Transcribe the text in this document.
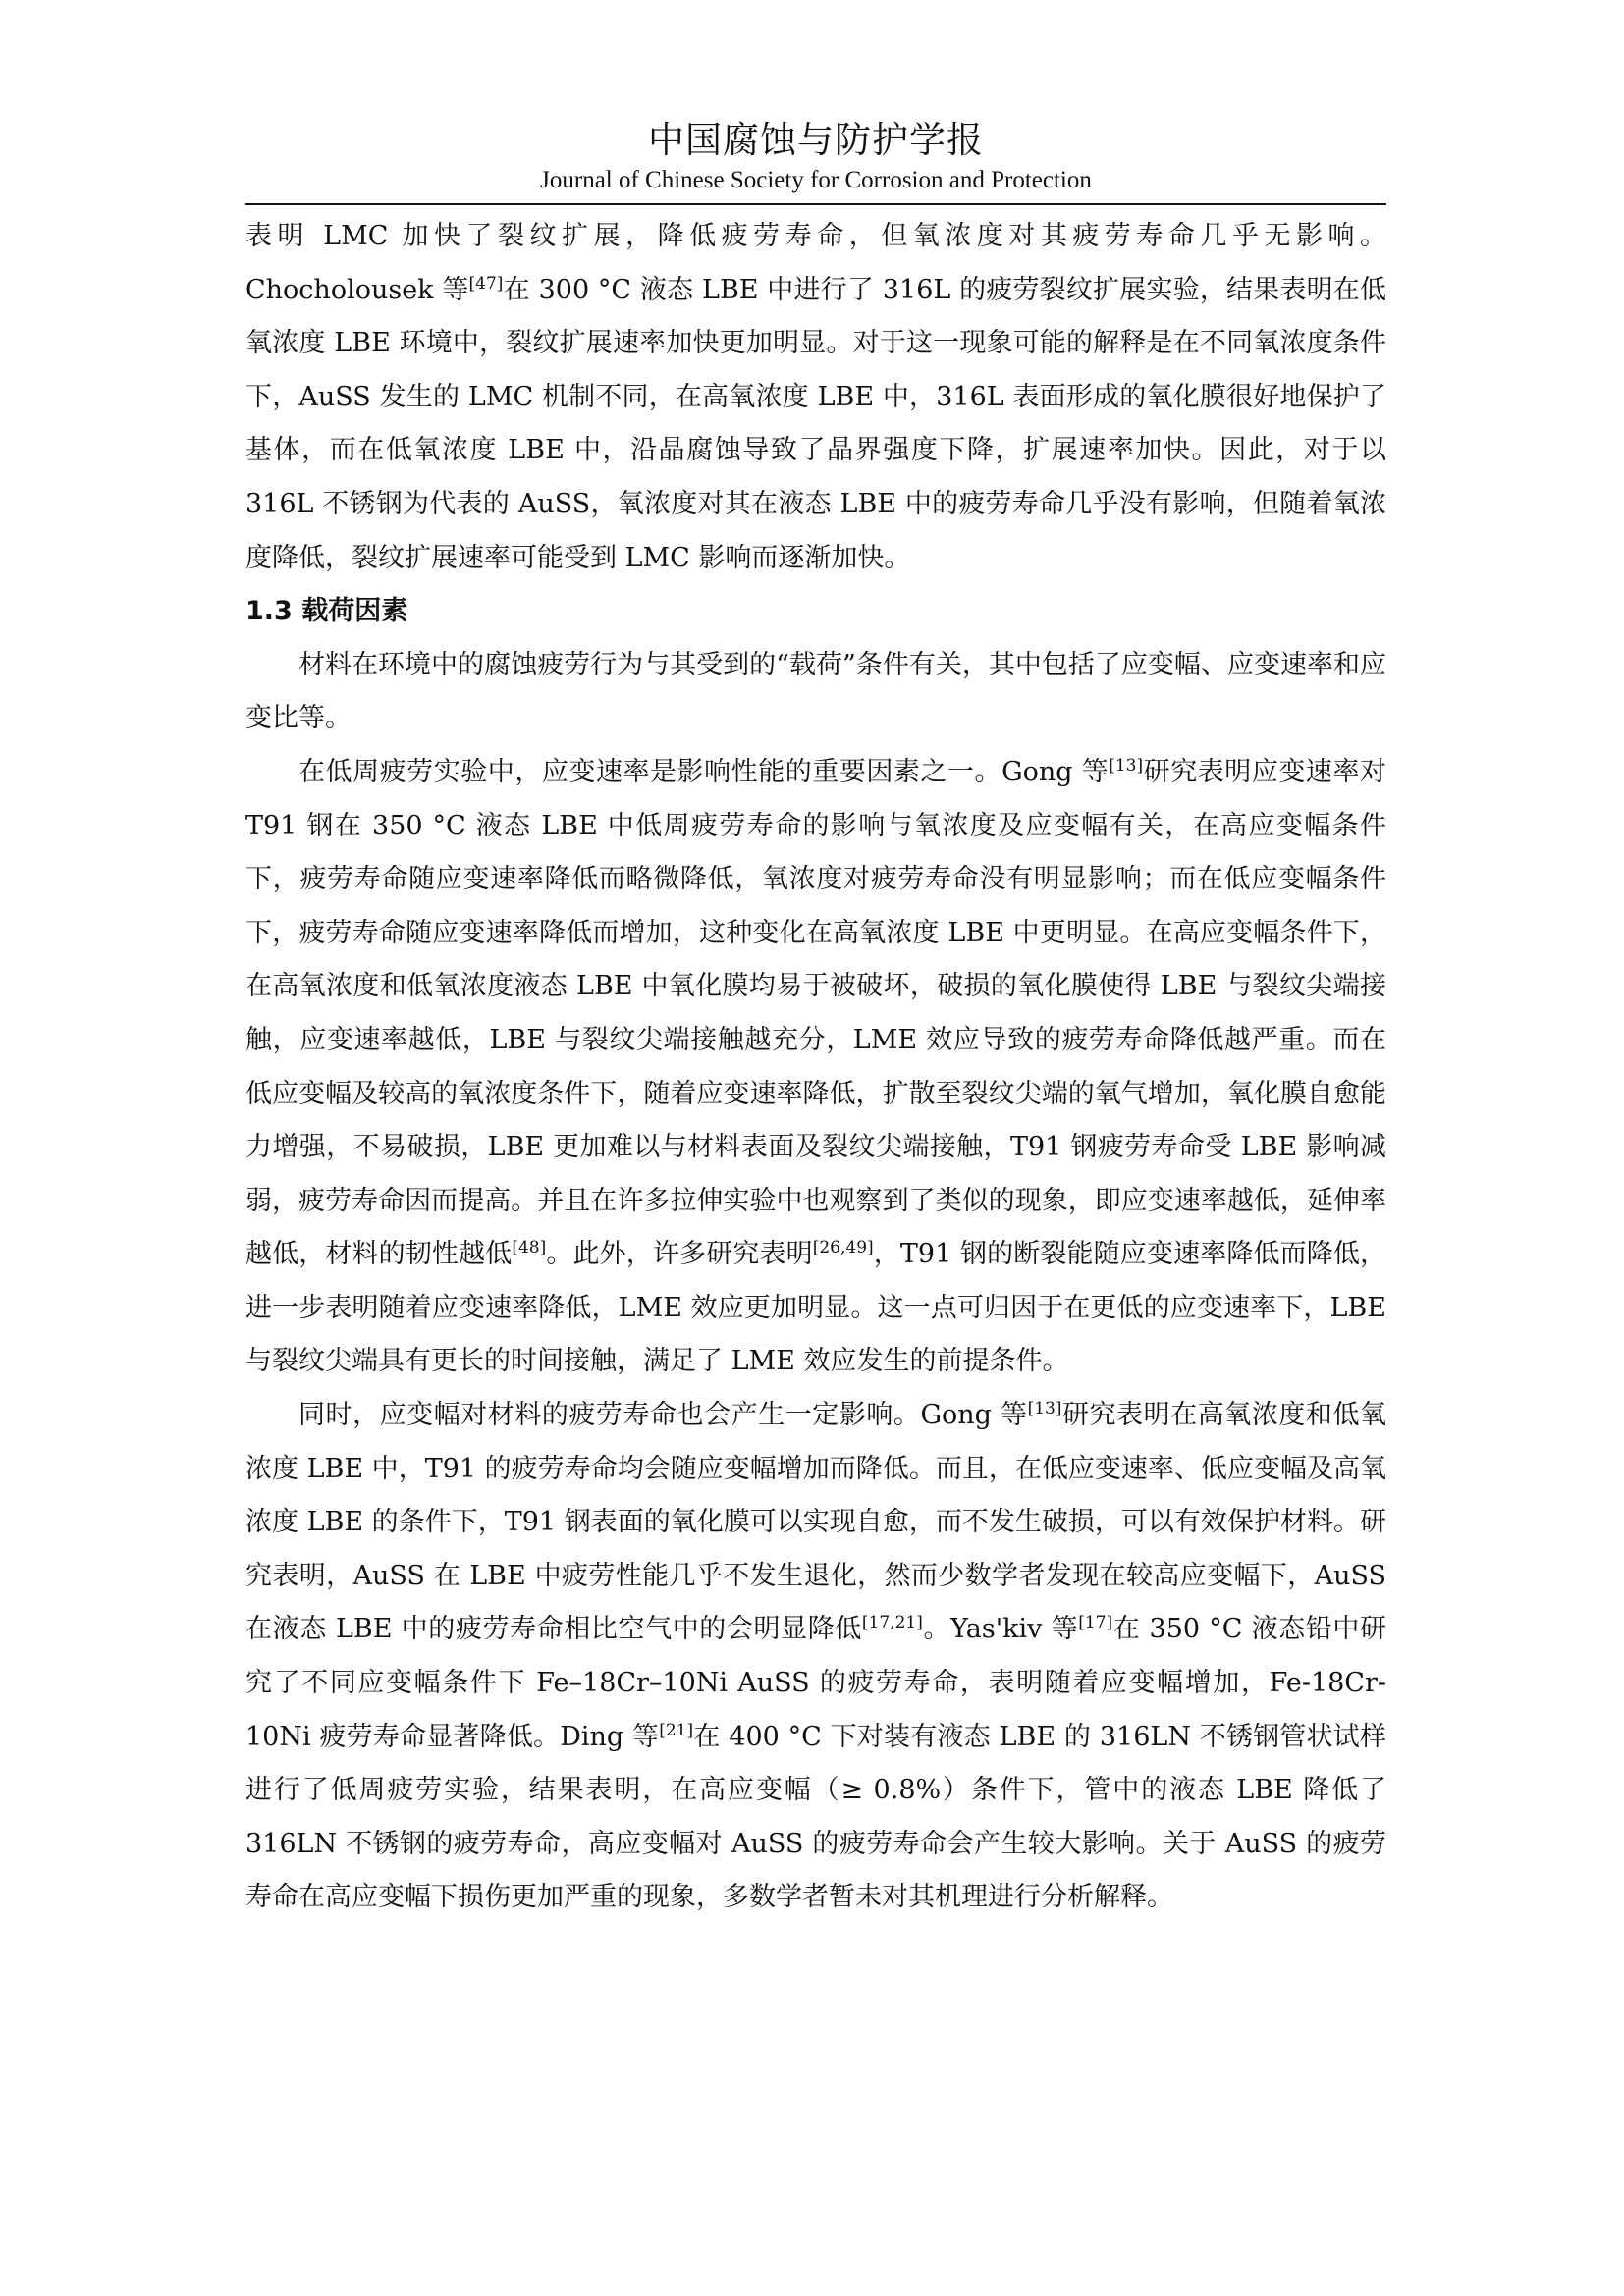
中国腐蚀与防护学报

Journal of Chinese Society for Corrosion and Protection

表明 LMC 加快了裂纹扩展，降低疲劳寿命，但氧浓度对其疲劳寿命几乎无影响。Chocholousek 等[47]在 300 °C 液态 LBE 中进行了 316L 的疲劳裂纹扩展实验，结果表明在低氧浓度 LBE 环境中，裂纹扩展速率加快更加明显。对于这一现象可能的解释是在不同氧浓度条件下，AuSS 发生的 LMC 机制不同，在高氧浓度 LBE 中，316L 表面形成的氧化膜很好地保护了基体，而在低氧浓度 LBE 中，沿晶腐蚀导致了晶界强度下降，扩展速率加快。因此，对于以 316L 不锈钢为代表的 AuSS，氧浓度对其在液态 LBE 中的疲劳寿命几乎没有影响，但随着氧浓度降低，裂纹扩展速率可能受到 LMC 影响而逐渐加快。

1.3 载荷因素

材料在环境中的腐蚀疲劳行为与其受到的“载荷”条件有关，其中包括了应变幅、应变速率和应变比等。

在低周疲劳实验中，应变速率是影响性能的重要因素之一。Gong 等[13]研究表明应变速率对 T91 钢在 350 °C 液态 LBE 中低周疲劳寿命的影响与氧浓度及应变幅有关，在高应变幅条件下，疲劳寿命随应变速率降低而略微降低，氧浓度对疲劳寿命没有明显影响；而在低应变幅条件下，疲劳寿命随应变速率降低而增加，这种变化在高氧浓度 LBE 中更明显。在高应变幅条件下，在高氧浓度和低氧浓度液态 LBE 中氧化膜均易于被破坏，破损的氧化膜使得 LBE 与裂纹尖端接触，应变速率越低，LBE 与裂纹尖端接触越充分，LME 效应导致的疲劳寿命降低越严重。而在低应变幅及较高的氧浓度条件下，随着应变速率降低，扩散至裂纹尖端的氧气增加，氧化膜自愈能力增强，不易破损，LBE 更加难以与材料表面及裂纹尖端接触，T91 钢疲劳寿命受 LBE 影响减弱，疲劳寿命因而提高。并且在许多拉伸实验中也观察到了类似的现象，即应变速率越低，延伸率越低，材料的韧性越低[48]。此外，许多研究表明[26,49]，T91 钢的断裂能随应变速率降低而降低，进一步表明随着应变速率降低，LME 效应更加明显。这一点可归因于在更低的应变速率下，LBE 与裂纹尖端具有更长的时间接触，满足了 LME 效应发生的前提条件。

同时，应变幅对材料的疲劳寿命也会产生一定影响。Gong 等[13]研究表明在高氧浓度和低氧浓度 LBE 中，T91 的疲劳寿命均会随应变幅增加而降低。而且，在低应变速率、低应变幅及高氧浓度 LBE 的条件下，T91 钢表面的氧化膜可以实现自愈，而不发生破损，可以有效保护材料。研究表明，AuSS 在 LBE 中疲劳性能几乎不发生退化，然而少数学者发现在较高应变幅下，AuSS 在液态 LBE 中的疲劳寿命相比空气中的会明显降低[17,21]。Yas'kiv 等[17]在 350 °C 液态铅中研究了不同应变幅条件下 Fe–18Cr–10Ni AuSS 的疲劳寿命，表明随着应变幅增加，Fe-18Cr-10Ni 疲劳寿命显著降低。Ding 等[21]在 400 °C 下对装有液态 LBE 的 316LN 不锈钢管状试样进行了低周疲劳实验，结果表明，在高应变幅（≥ 0.8%）条件下，管中的液态 LBE 降低了 316LN 不锈钢的疲劳寿命，高应变幅对 AuSS 的疲劳寿命会产生较大影响。关于 AuSS 的疲劳寿命在高应变幅下损伤更加严重的现象，多数学者暂未对其机理进行分析解释。
